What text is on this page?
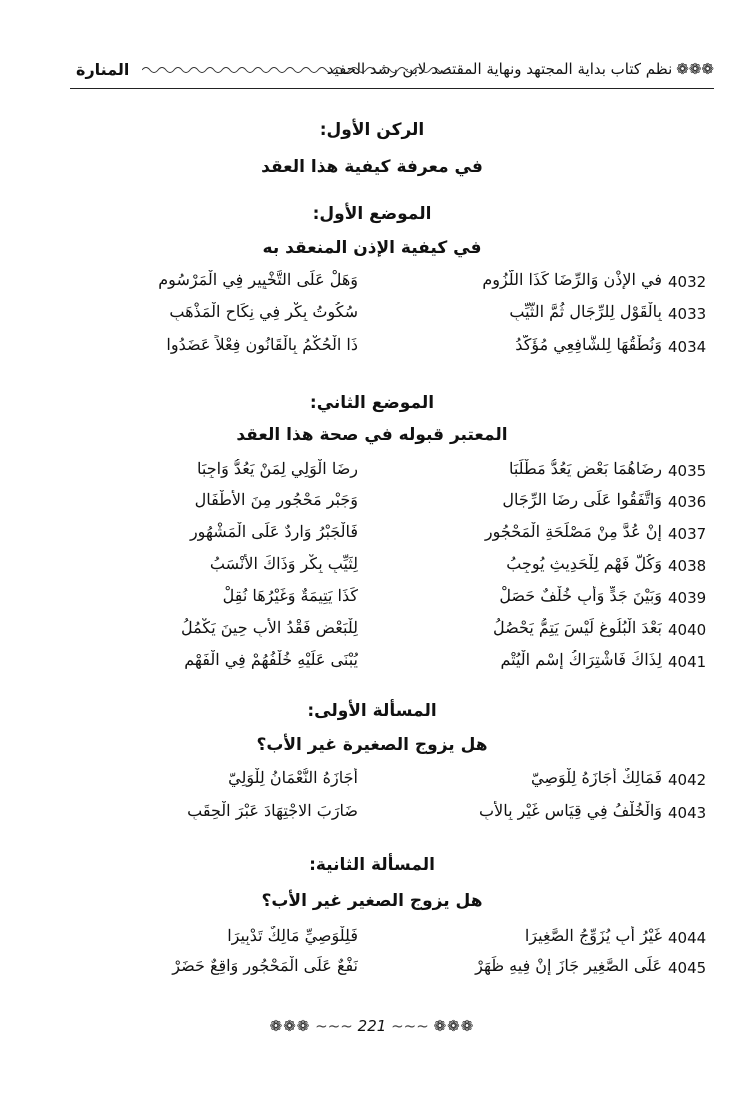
❁❁❁نظم كتاب بداية المجتهد ونهاية المقتصد لابن رشد الحفيد
المنارة
الركن الأول:
في معرفة كيفية هذا العقد
الموضع الأول:
في كيفية الإذن المنعقد به
4032
في الإِذْنِ وَالرِّضَا كَذَا اللُّزُوم
وَهَلْ عَلَى التَّخْيِيرِ فِي الْمَرْسُوم
4033
بِالْقَوْلِ لِلرِّجَالِ ثُمَّ الثَّيِّبِ
سُكُوتُ بِكْرٍ فِي نِكَاحِ الْمَذْهَبِ
4034
وَنُطْقُهَا لِلشَّافِعِي مُؤَكَّدُ
ذَا الْحُكْمُ بِالْقَانُونِ فِعْلاً عَضَدُوا
الموضع الثاني:
المعتبر قبوله في صحة هذا العقد
4035
رِضَاهُمَا بَعْضٍ يَعُدُّ مَطْلَبَا
رِضَا الْوَلِي لِمَنْ يَعُدُّ وَاجِبَا
4036
وَاتَّفَقُوا عَلَى رِضَا الرِّجَالِ
وَجَبْرِ مَحْجُورٍ مِنَ الأَطْفَالِ
4037
إِنْ عُدَّ مِنْ مَصْلَحَةِ الْمَحْجُورِ
فَالْجَبْرُ وَارِدٌ عَلَى الْمَشْهُورِ
4038
وَكُلُّ فَهْمٍ لِلْحَدِيثِ يُوجِبُ
لِثَيِّبٍ بِكْرٍ وَذَاكَ الأَنْسَبُ
4039
وَبَيْنَ جَدٍّ وَأَبٍ خُلْفٌ حَصَلْ
كَذَا يَتِيمَةٌ وَغَيْرُهَا نُقِلْ
4040
بَعْدَ الْبُلُوغِ لَيْسَ يَتِمُّ يَحْصُلُ
لِلْبَعْضِ فَقْدُ الأَبِ حِينَ يَكْمُلُ
4041
لِذَاكَ فَاشْتِرَاكُ إِسْمِ الْيُتْمِ
يُبْنَى عَلَيْهِ خُلْفُهُمْ فِي الْفَهْمِ
المسألة الأولى:
هل يزوج الصغيرة غير الأب؟
4042
فَمَالِكٌ أَجَازَهُ لِلْوَصِيّ
أَجَازَهُ النُّعْمَانُ لِلْوَلِيّ
4043
وَالْخُلْفُ فِي قِيَاسِ غَيْرِ بِالأَبِ
ضَارَبَ الاجْتِهَادَ عَبْرَ الْحِقَبِ
المسألة الثانية:
هل يزوج الصغير غير الأب؟
4044
غَيْرُ أَبٍ يُزَوِّجُ الصَّغِيرَا
فَلِلْوَصِيِّ مَالِكٌ تَدْبِيرَا
4045
عَلَى الصَّغِيرِ جَازَ إِنْ فِيهِ ظَهَرْ
نَفْعٌ عَلَى الْمَحْجُورِ وَاقِعٌ حَضَرْ
❁❁❁ ~~~ 221 ~~~ ❁❁❁
